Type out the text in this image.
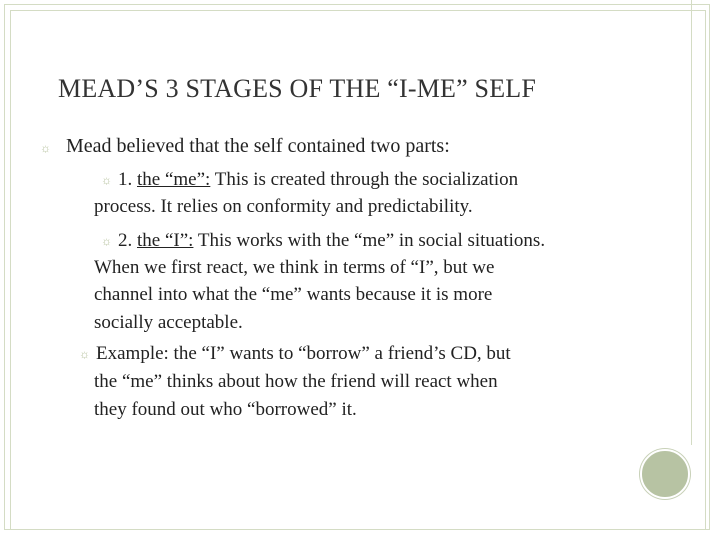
MEAD’S 3 STAGES OF THE “I-ME” SELF
☼ Mead believed that the self contained two parts:
☼ 1. the “me”: This is created through the socialization
process. It relies on conformity and predictability.
☼ 2. the “I”: This works with the “me” in social situations.
When we first react, we think in terms of “I”, but we
channel into what the “me” wants because it is more
socially acceptable.
☼ Example: the “I” wants to “borrow” a friend’s CD, but
the “me” thinks about how the friend will react when
they found out who “borrowed” it.
